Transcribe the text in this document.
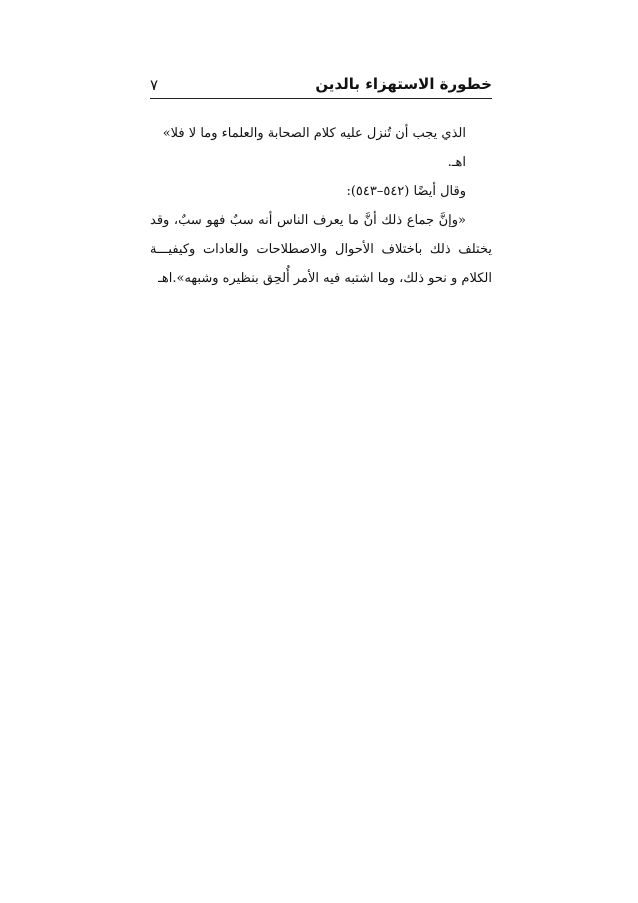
خطورة الاستهزاء بالدين
٧

الذي يجب أن تُنزل عليه كلام الصحابة والعلماء وما لا فلا» اهـ.

وقال أيضًا (٥٤٢–٥٤٣):

«وإنَّ جماع ذلك أنَّ ما يعرف الناس أنه سبٌ فهو سبٌ، وقد يختلف ذلك باختلاف الأحوال والاصطلاحات والعادات وكيفيـــة الكلام و نحو ذلك، وما اشتبه فيه الأمر أُلحِق بنظيره وشبهه».اهـ
